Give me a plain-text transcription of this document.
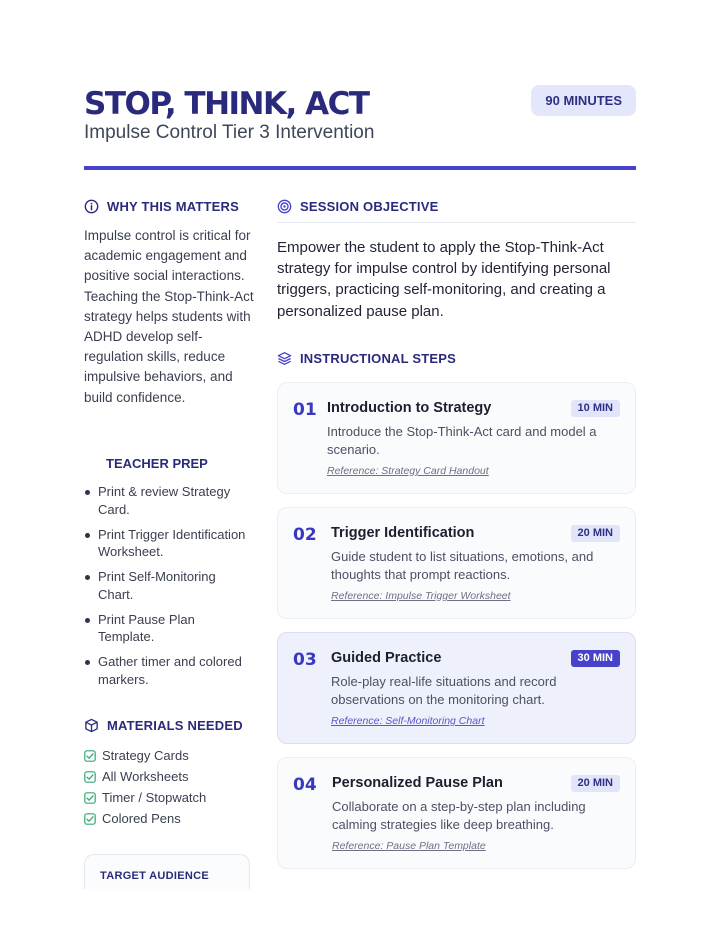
STOP, THINK, ACT
Impulse Control Tier 3 Intervention
90 MINUTES
WHY THIS MATTERS
Impulse control is critical for academic engagement and positive social interactions. Teaching the Stop-Think-Act strategy helps students with ADHD develop self-regulation skills, reduce impulsive behaviors, and build confidence.
TEACHER PREP
Print & review Strategy Card.
Print Trigger Identification Worksheet.
Print Self-Monitoring Chart.
Print Pause Plan Template.
Gather timer and colored markers.
MATERIALS NEEDED
Strategy Cards
All Worksheets
Timer / Stopwatch
Colored Pens
TARGET AUDIENCE
SESSION OBJECTIVE
Empower the student to apply the Stop-Think-Act strategy for impulse control by identifying personal triggers, practicing self-monitoring, and creating a personalized pause plan.
INSTRUCTIONAL STEPS
01 Introduction to Strategy	10 MIN
Introduce the Stop-Think-Act card and model a scenario.
Reference: Strategy Card Handout
02 Trigger Identification	20 MIN
Guide student to list situations, emotions, and thoughts that prompt reactions.
Reference: Impulse Trigger Worksheet
03 Guided Practice	30 MIN
Role-play real-life situations and record observations on the monitoring chart.
Reference: Self-Monitoring Chart
04 Personalized Pause Plan	20 MIN
Collaborate on a step-by-step plan including calming strategies like deep breathing.
Reference: Pause Plan Template
